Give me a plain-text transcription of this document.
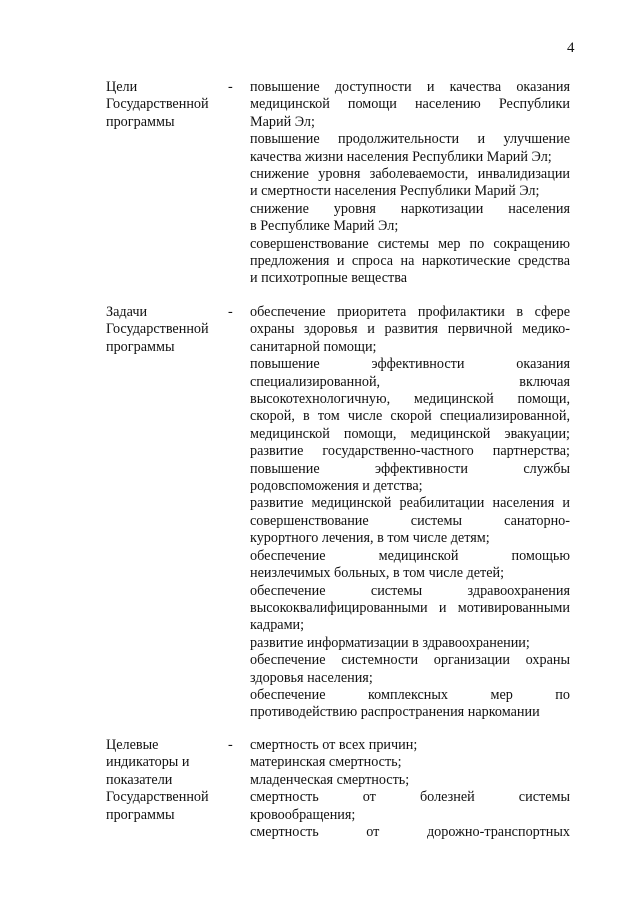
4
Цели
Государственной
программы
- повышение доступности и качества оказания
медицинской помощи населению Республики
Марий Эл;
повышение продолжительности и улучшение
качества жизни населения Республики Марий Эл;
снижение уровня заболеваемости, инвалидизации
и смертности населения Республики Марий Эл;
снижение уровня наркотизации населения
в Республике Марий Эл;
совершенствование системы мер по сокращению
предложения и спроса на наркотические средства
и психотропные вещества
Задачи
Государственной
программы
- обеспечение приоритета профилактики в сфере
охраны здоровья и развития первичной медико-
санитарной помощи;
повышение эффективности оказания
специализированной, включая
высокотехнологичную, медицинской помощи,
скорой, в том числе скорой специализированной,
медицинской помощи, медицинской эвакуации;
развитие государственно-частного партнерства;
повышение эффективности службы
родовспоможения и детства;
развитие медицинской реабилитации населения и
совершенствование системы санаторно-
курортного лечения, в том числе детям;
обеспечение медицинской помощью
неизлечимых больных, в том числе детей;
обеспечение системы здравоохранения
высококвалифицированными и мотивированными
кадрами;
развитие информатизации в здравоохранении;
обеспечение системности организации охраны
здоровья населения;
обеспечение комплексных мер по
противодействию распространения наркомании
Целевые
индикаторы и
показатели
Государственной
программы
- смертность от всех причин;
материнская смертность;
младенческая смертность;
смертность от болезней системы
кровообращения;
смертность от дорожно-транспортных
